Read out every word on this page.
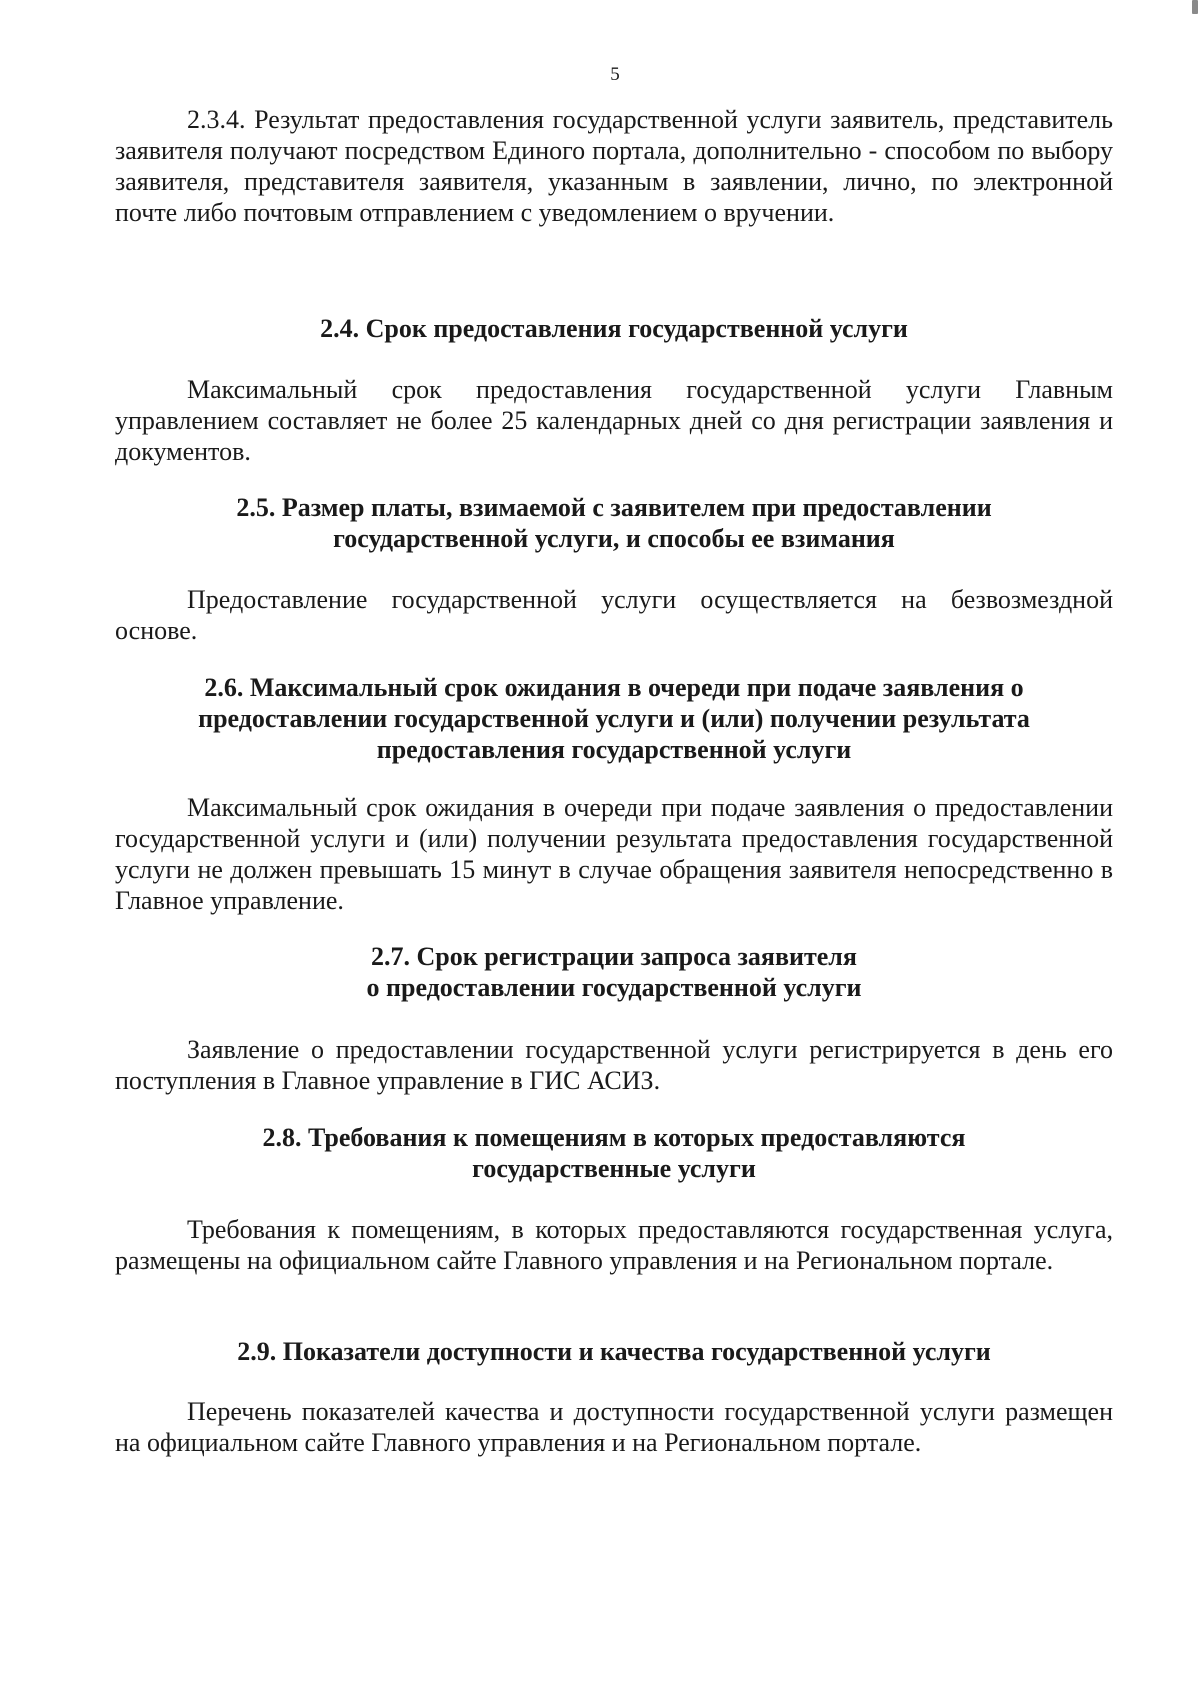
5

2.3.4. Результат предоставления государственной услуги заявитель, представитель заявителя получают посредством Единого портала, дополнительно - способом по выбору заявителя, представителя заявителя, указанным в заявлении, лично, по электронной почте либо почтовым отправлением с уведомлением о вручении.

2.4. Срок предоставления государственной услуги

Максимальный срок предоставления государственной услуги Главным управлением составляет не более 25 календарных дней со дня регистрации заявления и документов.

2.5. Размер платы, взимаемой с заявителем при предоставлении
государственной услуги, и способы ее взимания

Предоставление государственной услуги осуществляется на безвозмездной основе.

2.6. Максимальный срок ожидания в очереди при подаче заявления о
предоставлении государственной услуги и (или) получении результата
предоставления государственной услуги

Максимальный срок ожидания в очереди при подаче заявления о предоставлении государственной услуги и (или) получении результата предоставления государственной услуги не должен превышать 15 минут в случае обращения заявителя непосредственно в Главное управление.

2.7. Срок регистрации запроса заявителя
о предоставлении государственной услуги

Заявление о предоставлении государственной услуги регистрируется в день его поступления в Главное управление в ГИС АСИЗ.

2.8. Требования к помещениям в которых предоставляются
государственные услуги

Требования к помещениям, в которых предоставляются государственная услуга, размещены на официальном сайте Главного управления и на Региональном портале.

2.9. Показатели доступности и качества государственной услуги

Перечень показателей качества и доступности государственной услуги размещен на официальном сайте Главного управления и на Региональном портале.
